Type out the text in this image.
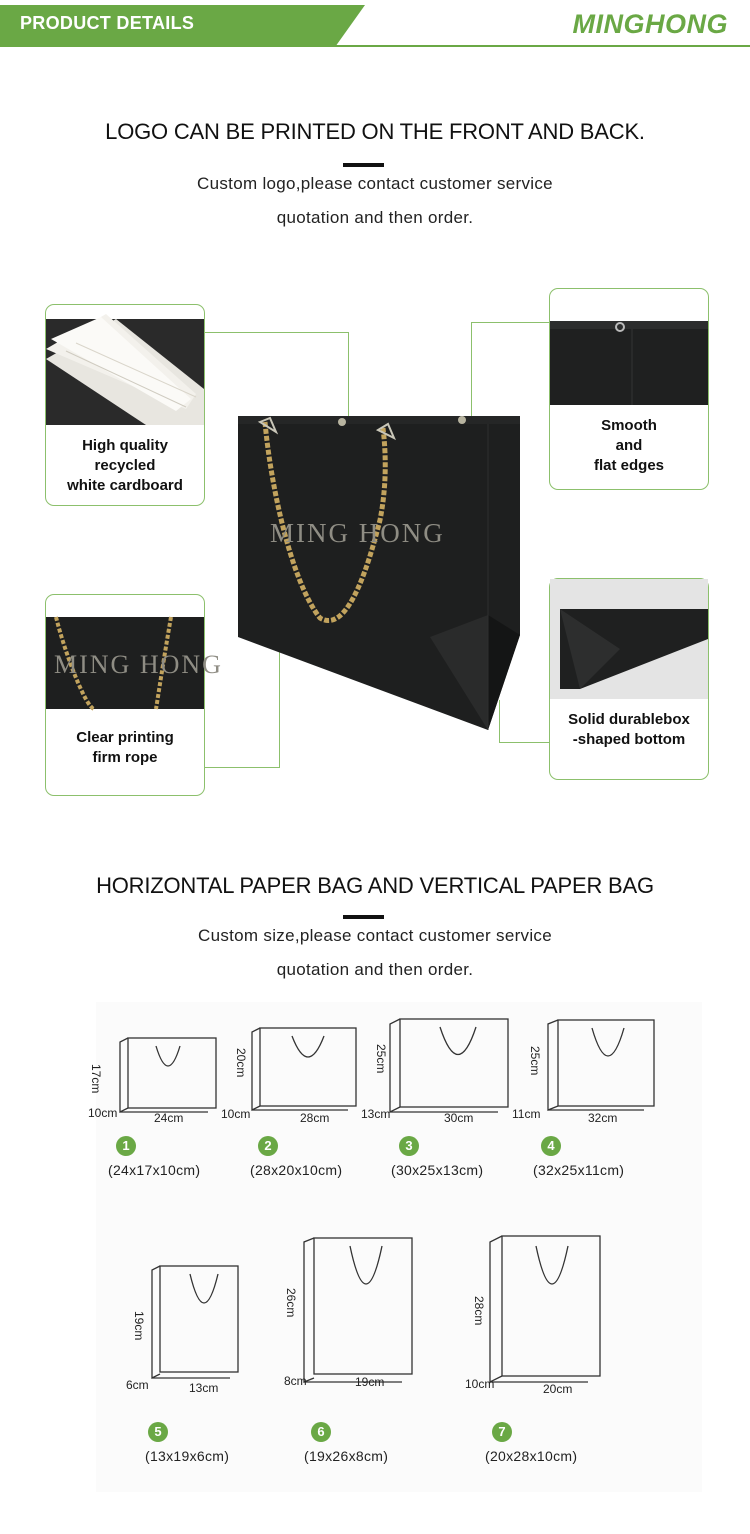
PRODUCT DETAILS	MINGHONG
LOGO CAN BE PRINTED ON THE FRONT AND BACK.
Custom logo,please contact customer service
quotation and then order.
MING HONG
High quality
recycled
white cardboard
Smooth
and
flat edges
MING HONG
Clear printing
firm rope
Solid durablebox
-shaped bottom
HORIZONTAL PAPER BAG AND VERTICAL PAPER BAG
Custom size,please contact customer service
quotation and then order.
17cm
10cm	24cm
20cm
10cm	28cm
25cm
13cm	30cm
25cm
11cm	32cm
19cm
6cm	13cm
26cm
8cm	19cm
28cm
10cm	20cm
1
(24x17x10cm)
2
(28x20x10cm)
3
(30x25x13cm)
4
(32x25x11cm)
5
(13x19x6cm)
6
(19x26x8cm)
7
(20x28x10cm)
